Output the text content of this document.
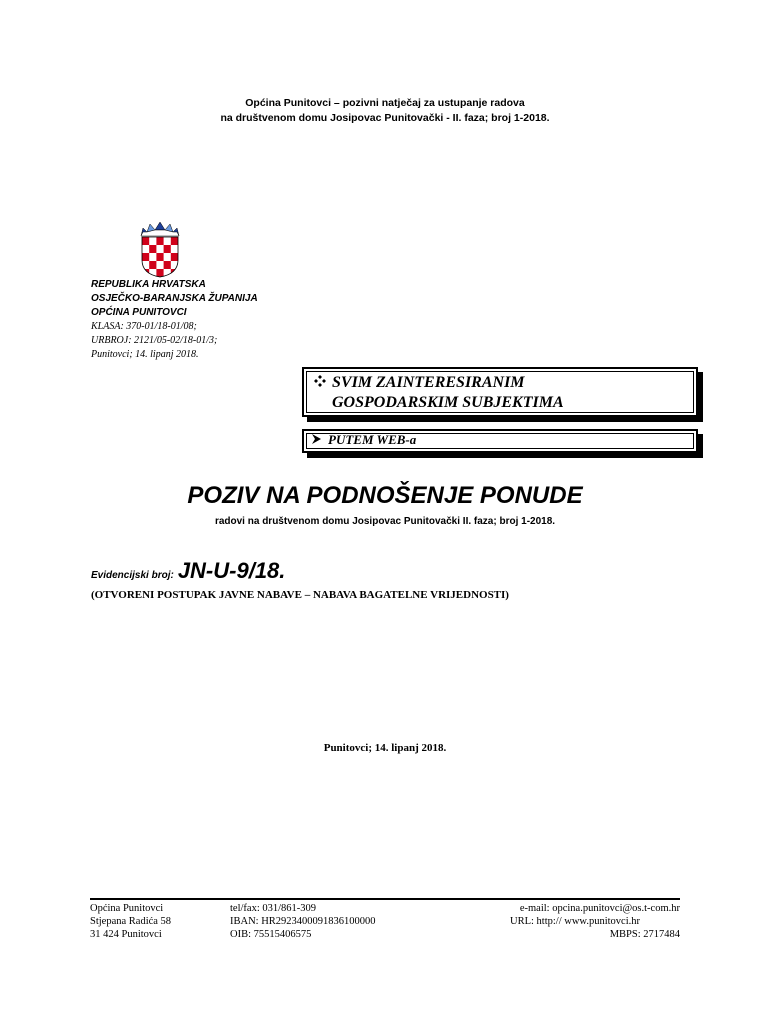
Općina Punitovci – pozivni natječaj za ustupanje radova
na društvenom domu Josipovac Punitovački - II. faza; broj 1-2018.
REPUBLIKA HRVATSKA
OSJEČKO-BARANJSKA ŽUPANIJA
OPĆINA PUNITOVCI
KLASA: 370-01/18-01/08;
URBROJ: 2121/05-02/18-01/3;
Punitovci; 14. lipanj 2018.
SVIM ZAINTERESIRANIM
GOSPODARSKIM SUBJEKTIMA
PUTEM WEB-a
POZIV NA PODNOŠENJE PONUDE
radovi na društvenom domu Josipovac Punitovački II. faza; broj 1-2018.
Evidencijski broj: JN-U-9/18.
(OTVORENI POSTUPAK JAVNE NABAVE – NABAVA BAGATELNE VRIJEDNOSTI)
Punitovci; 14. lipanj 2018.
Općina Punitovci
Stjepana Radića 58
31 424 Punitovci
tel/fax: 031/861-309
IBAN: HR2923400091836100000
OIB: 75515406575
e-mail: opcina.punitovci@os.t-com.hr
URL: http:// www.punitovci.hr
MBPS: 2717484
